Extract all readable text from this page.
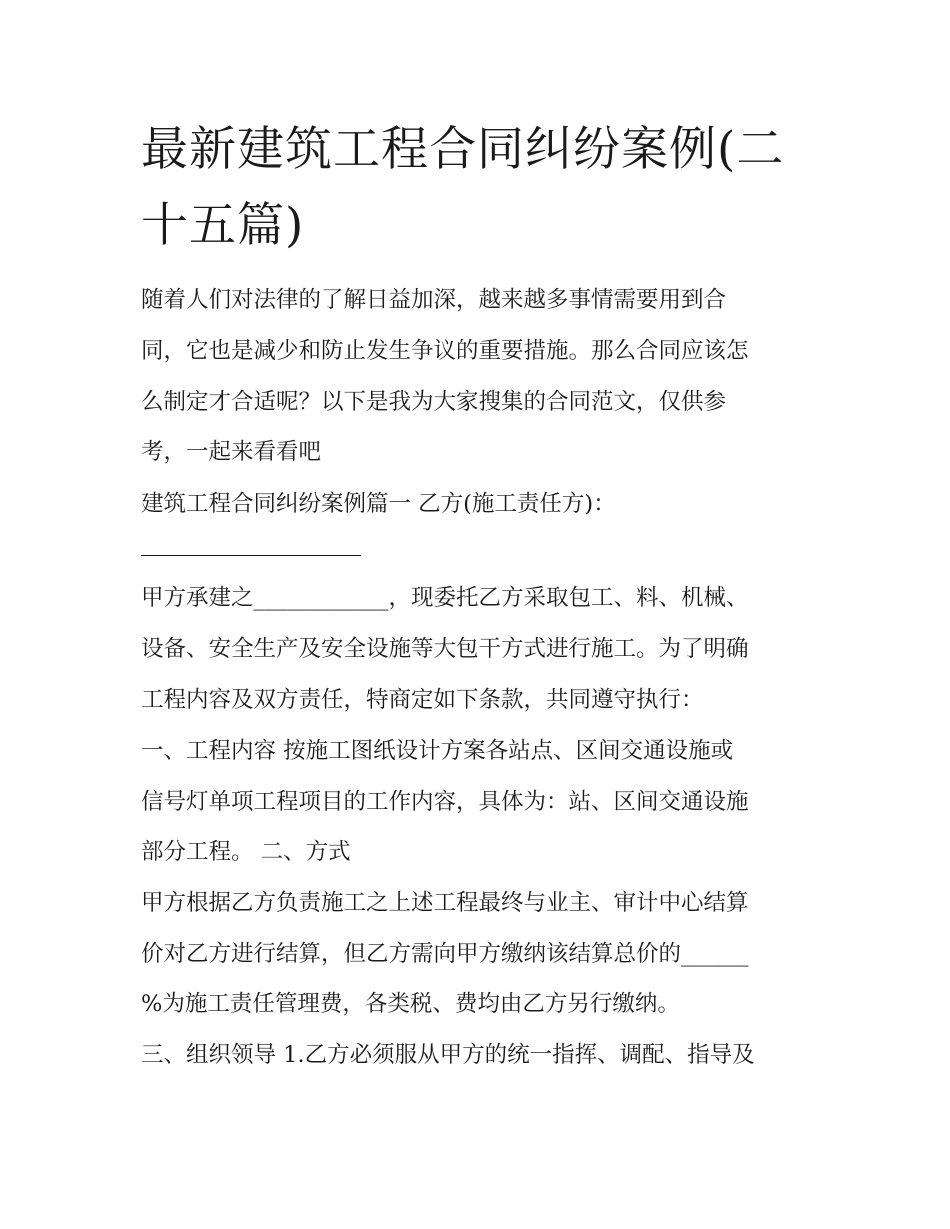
最新建筑工程合同纠纷案例(二十五篇)

随着人们对法律的了解日益加深，越来越多事情需要用到合

同，它也是减少和防止发生争议的重要措施。那么合同应该怎

么制定才合适呢？以下是我为大家搜集的合同范文，仅供参

考，一起来看看吧

建筑工程合同纠纷案例篇一 乙方(施工责任方)：

甲方承建之____________，现委托乙方采取包工、料、机械、

设备、安全生产及安全设施等大包干方式进行施工。为了明确

工程内容及双方责任，特商定如下条款，共同遵守执行：

一、工程内容 按施工图纸设计方案各站点、区间交通设施或

信号灯单项工程项目的工作内容，具体为：站、区间交通设施

部分工程。 二、方式

甲方根据乙方负责施工之上述工程最终与业主、审计中心结算

价对乙方进行结算，但乙方需向甲方缴纳该结算总价的______

%为施工责任管理费，各类税、费均由乙方另行缴纳。

三、组织领导 1.乙方必须服从甲方的统一指挥、调配、指导及
